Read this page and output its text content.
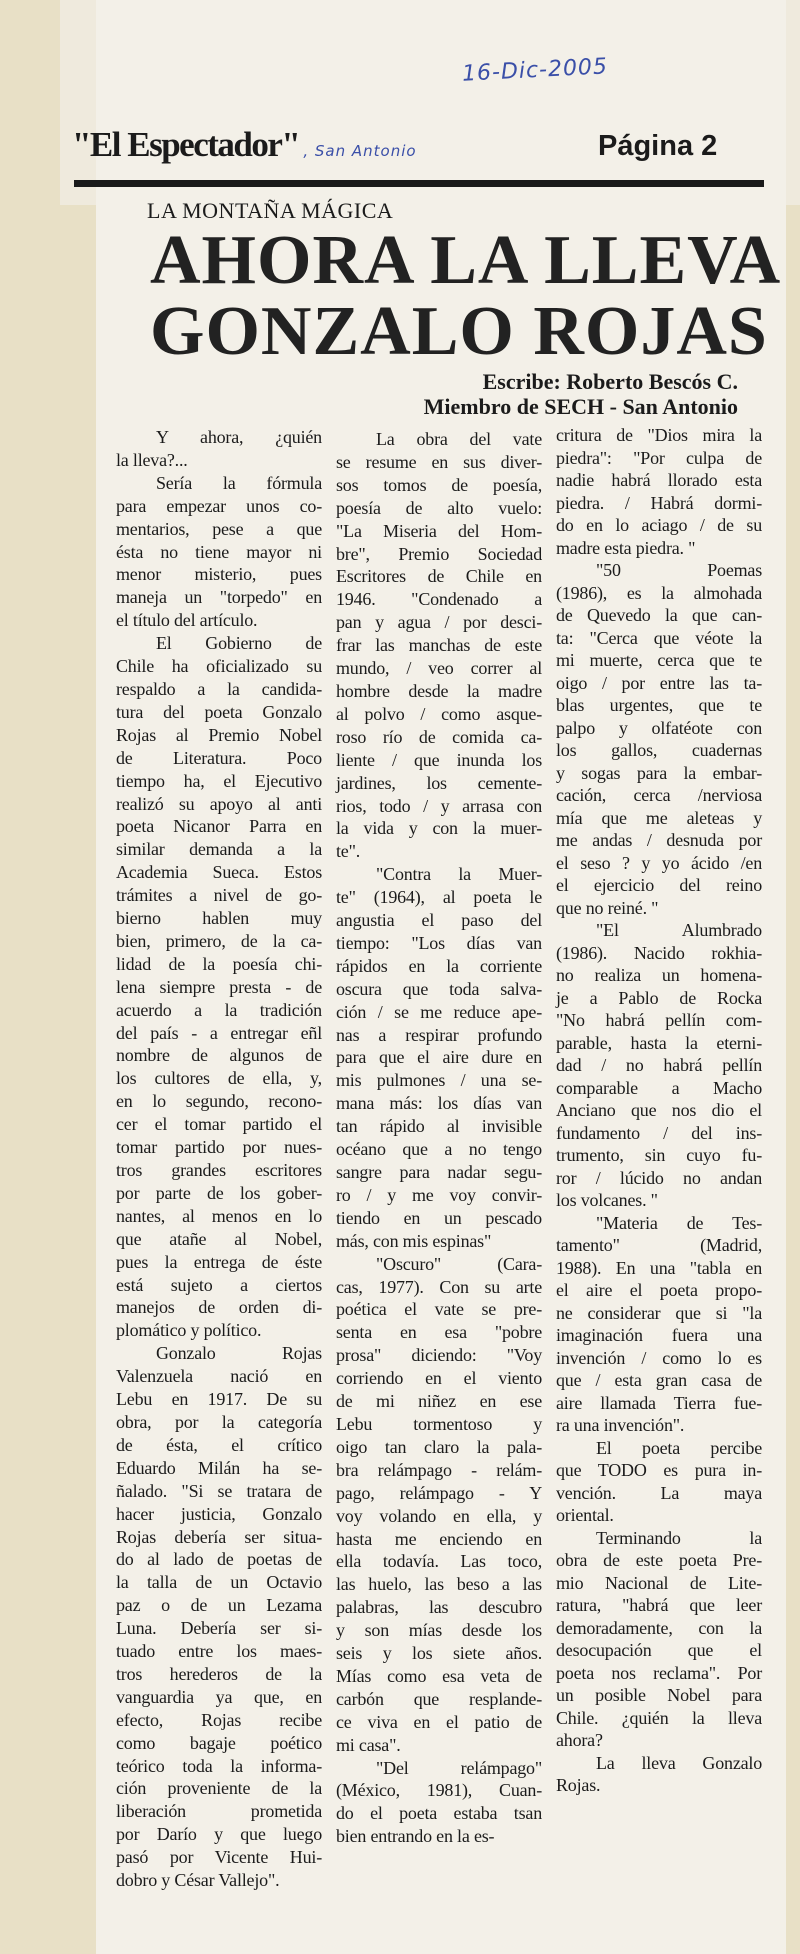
16-Dic-2005
"El Espectador" , San Antonio	Página 2
LA MONTAÑA MÁGICA
AHORA LA LLEVA
GONZALO ROJAS
Escribe: Roberto Bescós C.
Miembro de SECH - San Antonio
Y ahora, ¿quién
la lleva?...
Sería la fórmula
para empezar unos co-
mentarios, pese a que
ésta no tiene mayor ni
menor misterio, pues
maneja un "torpedo" en
el título del artículo.
El Gobierno de
Chile ha oficializado su
respaldo a la candida-
tura del poeta Gonzalo
Rojas al Premio Nobel
de Literatura. Poco
tiempo ha, el Ejecutivo
realizó su apoyo al anti
poeta Nicanor Parra en
similar demanda a la
Academia Sueca. Estos
trámites a nivel de go-
bierno hablen muy
bien, primero, de la ca-
lidad de la poesía chi-
lena siempre presta - de
acuerdo a la tradición
del país - a entregar eñl
nombre de algunos de
los cultores de ella, y,
en lo segundo, recono-
cer el tomar partido el
tomar partido por nues-
tros grandes escritores
por parte de los gober-
nantes, al menos en lo
que atañe al Nobel,
pues la entrega de éste
está sujeto a ciertos
manejos de orden di-
plomático y político.
Gonzalo Rojas
Valenzuela nació en
Lebu en 1917. De su
obra, por la categoría
de ésta, el crítico
Eduardo Milán ha se-
ñalado. "Si se tratara de
hacer justicia, Gonzalo
Rojas debería ser situa-
do al lado de poetas de
la talla de un Octavio
paz o de un Lezama
Luna. Debería ser si-
tuado entre los maes-
tros herederos de la
vanguardia ya que, en
efecto, Rojas recibe
como bagaje poético
teórico toda la informa-
ción proveniente de la
liberación prometida
por Darío y que luego
pasó por Vicente Hui-
dobro y César Vallejo".
La obra del vate
se resume en sus diver-
sos tomos de poesía,
poesía de alto vuelo:
"La Miseria del Hom-
bre", Premio Sociedad
Escritores de Chile en
1946. "Condenado a
pan y agua / por desci-
frar las manchas de este
mundo, / veo correr al
hombre desde la madre
al polvo / como asque-
roso río de comida ca-
liente / que inunda los
jardines, los cemente-
rios, todo / y arrasa con
la vida y con la muer-
te".
"Contra la Muer-
te" (1964), al poeta le
angustia el paso del
tiempo: "Los días van
rápidos en la corriente
oscura que toda salva-
ción / se me reduce ape-
nas a respirar profundo
para que el aire dure en
mis pulmones / una se-
mana más: los días van
tan rápido al invisible
océano que a no tengo
sangre para nadar segu-
ro / y me voy convir-
tiendo en un pescado
más, con mis espinas"
"Oscuro" (Cara-
cas, 1977). Con su arte
poética el vate se pre-
senta en esa "pobre
prosa" diciendo: "Voy
corriendo en el viento
de mi niñez en ese
Lebu tormentoso y
oigo tan claro la pala-
bra relámpago - relám-
pago, relámpago - Y
voy volando en ella, y
hasta me enciendo en
ella todavía. Las toco,
las huelo, las beso a las
palabras, las descubro
y son mías desde los
seis y los siete años.
Mías como esa veta de
carbón que resplande-
ce viva en el patio de
mi casa".
"Del relámpago"
(México, 1981), Cuan-
do el poeta estaba tsan
bien entrando en la es-
critura de "Dios mira la
piedra": "Por culpa de
nadie habrá llorado esta
piedra. / Habrá dormi-
do en lo aciago / de su
madre esta piedra. "
"50 Poemas
(1986), es la almohada
de Quevedo la que can-
ta: "Cerca que véote la
mi muerte, cerca que te
oigo / por entre las ta-
blas urgentes, que te
palpo y olfatéote con
los gallos, cuadernas
y sogas para la embar-
cación, cerca /nerviosa
mía que me aleteas y
me andas / desnuda por
el seso ? y yo ácido /en
el ejercicio del reino
que no reiné. "
"El Alumbrado
(1986). Nacido rokhia-
no realiza un homena-
je a Pablo de Rocka
"No habrá pellín com-
parable, hasta la eterni-
dad / no habrá pellín
comparable a Macho
Anciano que nos dio el
fundamento / del ins-
trumento, sin cuyo fu-
ror / lúcido no andan
los volcanes. "
"Materia de Tes-
tamento" (Madrid,
1988). En una "tabla en
el aire el poeta propo-
ne considerar que si "la
imaginación fuera una
invención / como lo es
que / esta gran casa de
aire llamada Tierra fue-
ra una invención".
El poeta percibe
que TODO es pura in-
vención. La maya
oriental.
Terminando la
obra de este poeta Pre-
mio Nacional de Lite-
ratura, "habrá que leer
demoradamente, con la
desocupación que el
poeta nos reclama". Por
un posible Nobel para
Chile. ¿quién la lleva
ahora?
La lleva Gonzalo
Rojas.
